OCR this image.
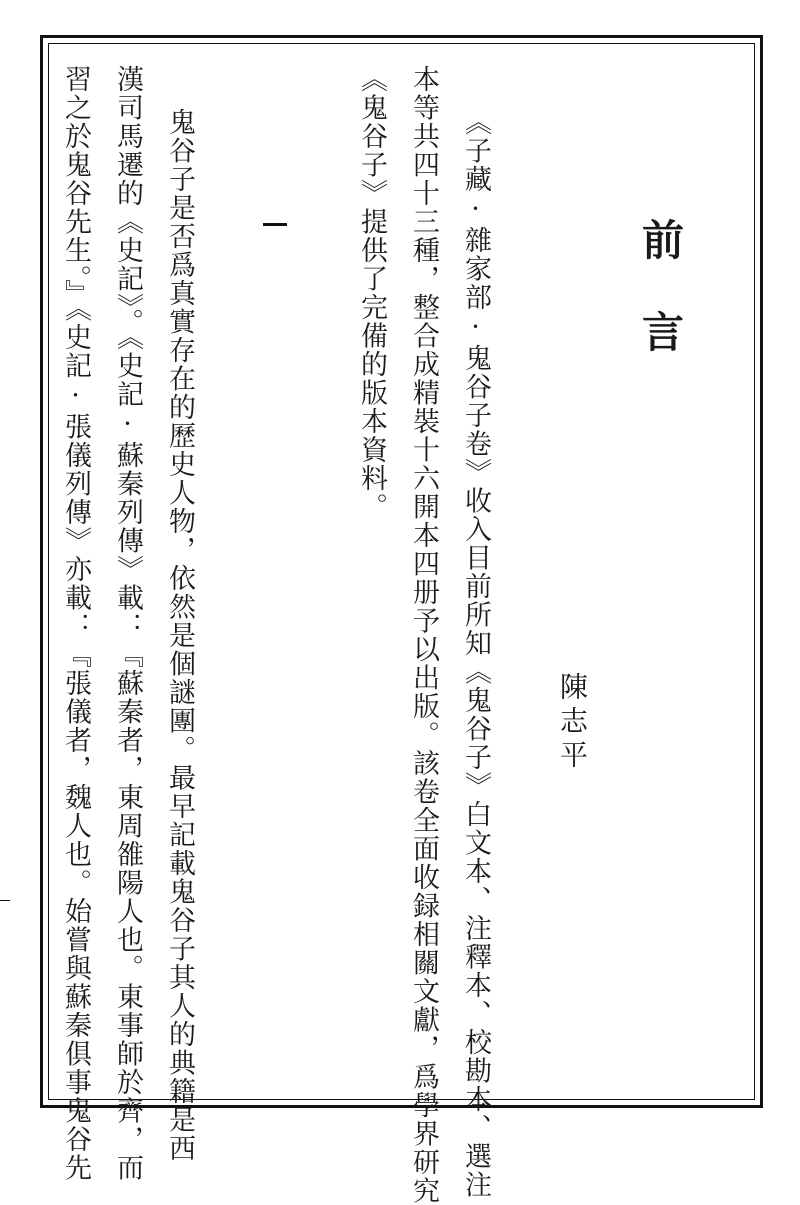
前
言
陳志平
《子藏·雜家部·鬼谷子卷》收入目前所知《鬼谷子》白文本、注釋本、校勘本、選注
本等共四十三種，整合成精裝十六開本四册予以出版。該卷全面收録相關文獻，爲學界研究
《鬼谷子》提供了完備的版本資料。
鬼谷子是否爲真實存在的歷史人物，依然是個謎團。最早記載鬼谷子其人的典籍是西
漢司馬遷的《史記》。《史記·蘇秦列傳》載：『蘇秦者，東周雒陽人也。東事師於齊，而
習之於鬼谷先生。』《史記·張儀列傳》亦載：『張儀者，魏人也。始嘗與蘇秦俱事鬼谷先
